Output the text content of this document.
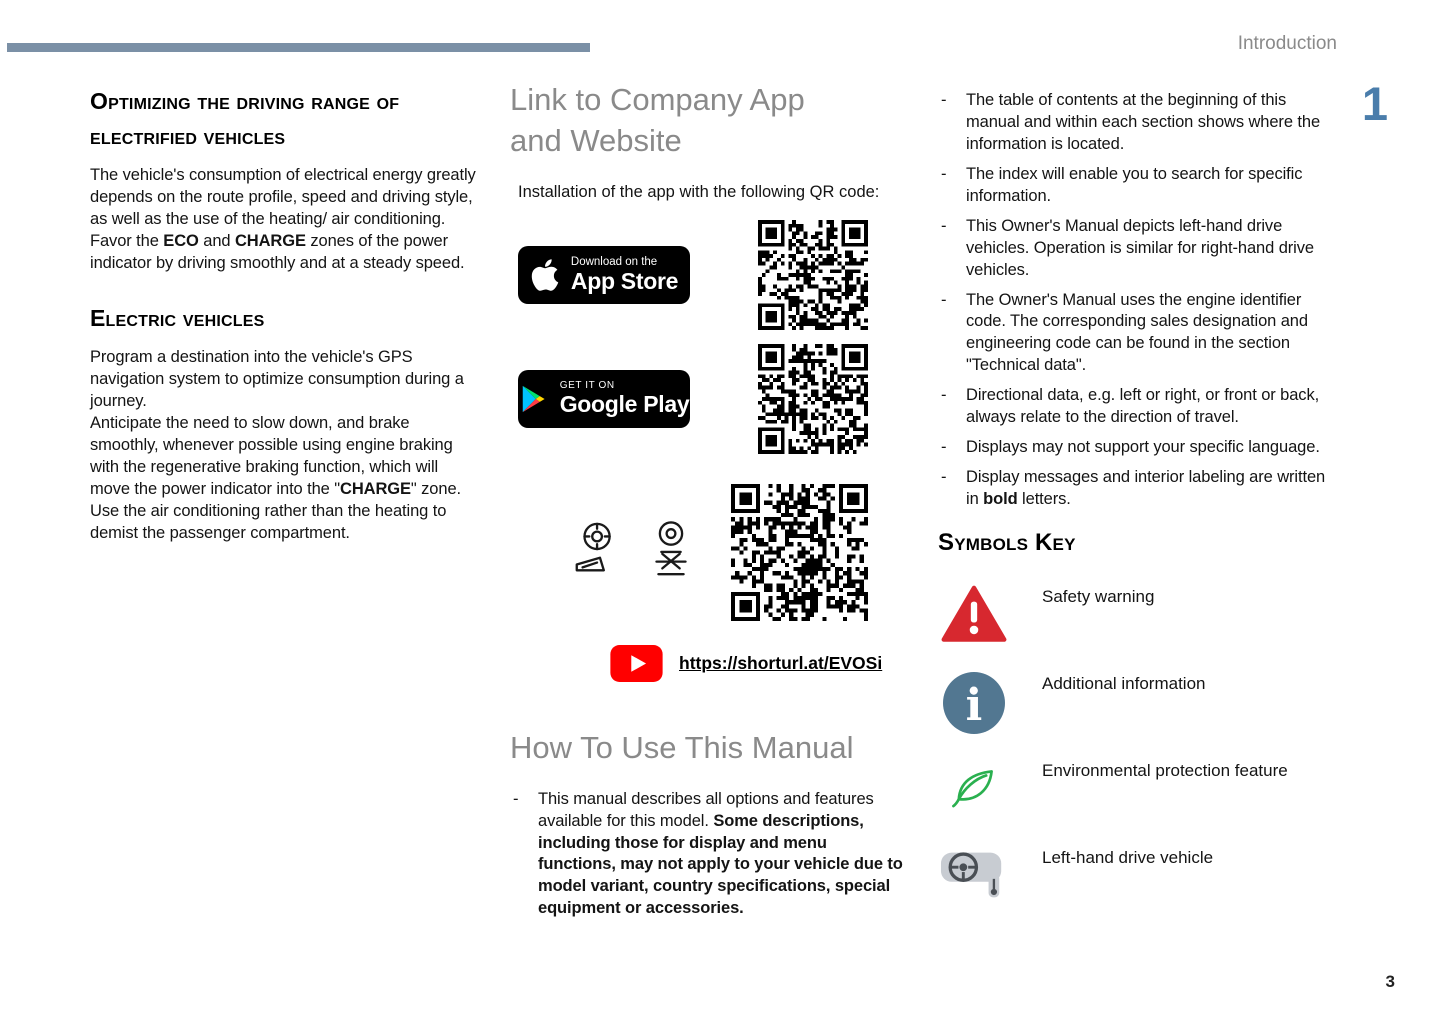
Introduction
1
Optimizing the driving range of electrified vehicles

The vehicle's consumption of electrical energy greatly depends on the route profile, speed and driving style, as well as the use of the heating/ air conditioning.

Favor the ECO and CHARGE zones of the power indicator by driving smoothly and at a steady speed.

Electric vehicles

Program a destination into the vehicle's GPS navigation system to optimize consumption during a journey.

Anticipate the need to slow down, and brake smoothly, whenever possible using engine braking with the regenerative braking function, which will move the power indicator into the "CHARGE" zone.

Use the air conditioning rather than the heating to demist the passenger compartment.

Link to Company App and Website

Installation of the app with the following QR code:

Download on the
App Store
GET IT ON
Google Play
https://shorturl.at/EVOSi
How To Use This Manual
- This manual describes all options and features available for this model. Some descriptions, including those for display and menu functions, may not apply to your vehicle due to model variant, country specifications, special equipment or accessories.
- The table of contents at the beginning of this manual and within each section shows where the information is located.
- The index will enable you to search for specific information.
- This Owner's Manual depicts left-hand drive vehicles. Operation is similar for right-hand drive vehicles.
- The Owner's Manual uses the engine identifier code. The corresponding sales designation and engineering code can be found in the section "Technical data".
- Directional data, e.g. left or right, or front or back, always relate to the direction of travel.
- Displays may not support your specific language.
- Display messages and interior labeling are written in bold letters.
Symbols Key
Safety warning
i	Additional information
Environmental protection feature
Left-hand drive vehicle
3
